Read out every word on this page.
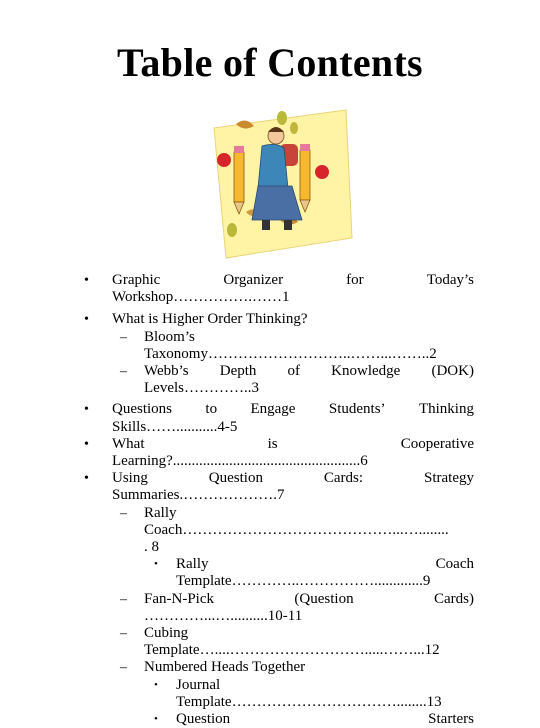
Table of Contents
• Graphic	Organizer	for	Today’s
Workshop…………….……1
• What is Higher Order Thinking?
– Bloom’s
Taxonomy………………………..……...……..2
– Webb’s Depth of Knowledge (DOK)
Levels…………..3
• Questions to Engage Students’ Thinking
Skills……...........4-5
• What	is	Cooperative
Learning?..................................................6
• Using	Question	Cards:	Strategy
Summaries.……………….7
– Rally
Coach……………………………………...…........
. 8
• Rally	Coach
Template…………..…………….............9
– Fan-N-Pick	(Question	Cards)
…………...…..........10-11
– Cubing
Template…....……………………….....……...12
– Numbered Heads Together
• Journal
Template……………………………........13
• Question	Starters
